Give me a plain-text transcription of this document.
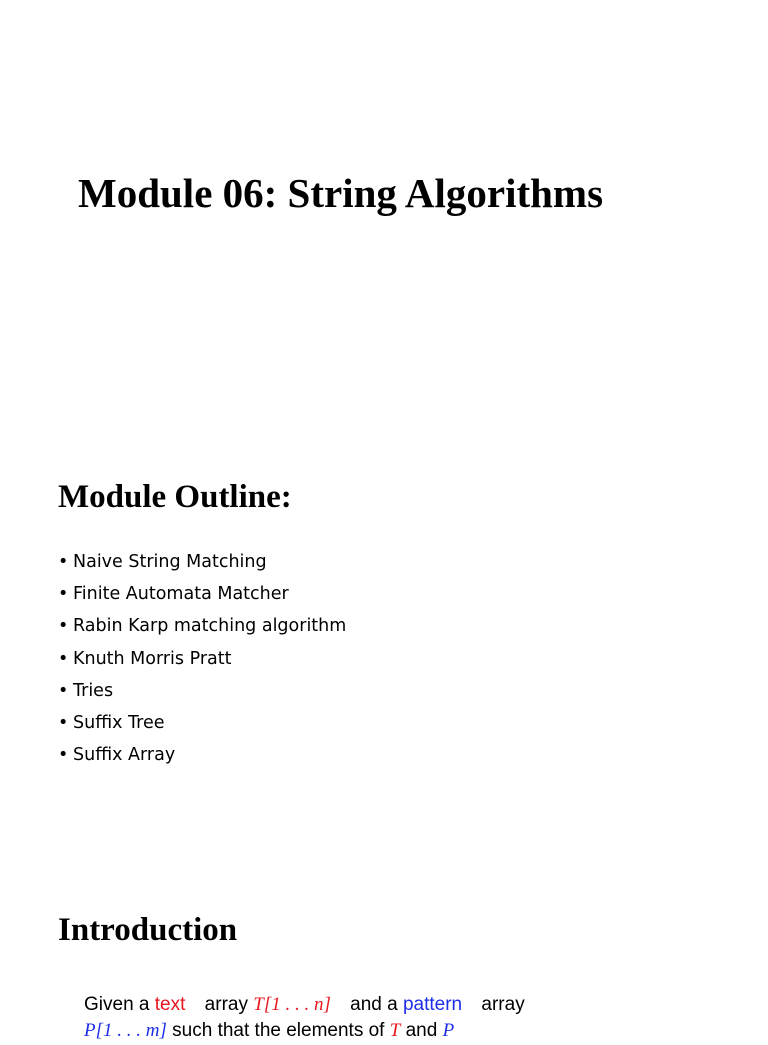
Module 06: String Algorithms
Module Outline:
• Naive String Matching
• Finite Automata Matcher
• Rabin Karp matching algorithm
• Knuth Morris Pratt
• Tries
• Suffix Tree
• Suffix Array
Introduction

Given a text array T[1 . . . n] and a pattern array

P[1 . . . m] such that the elements of T and P
